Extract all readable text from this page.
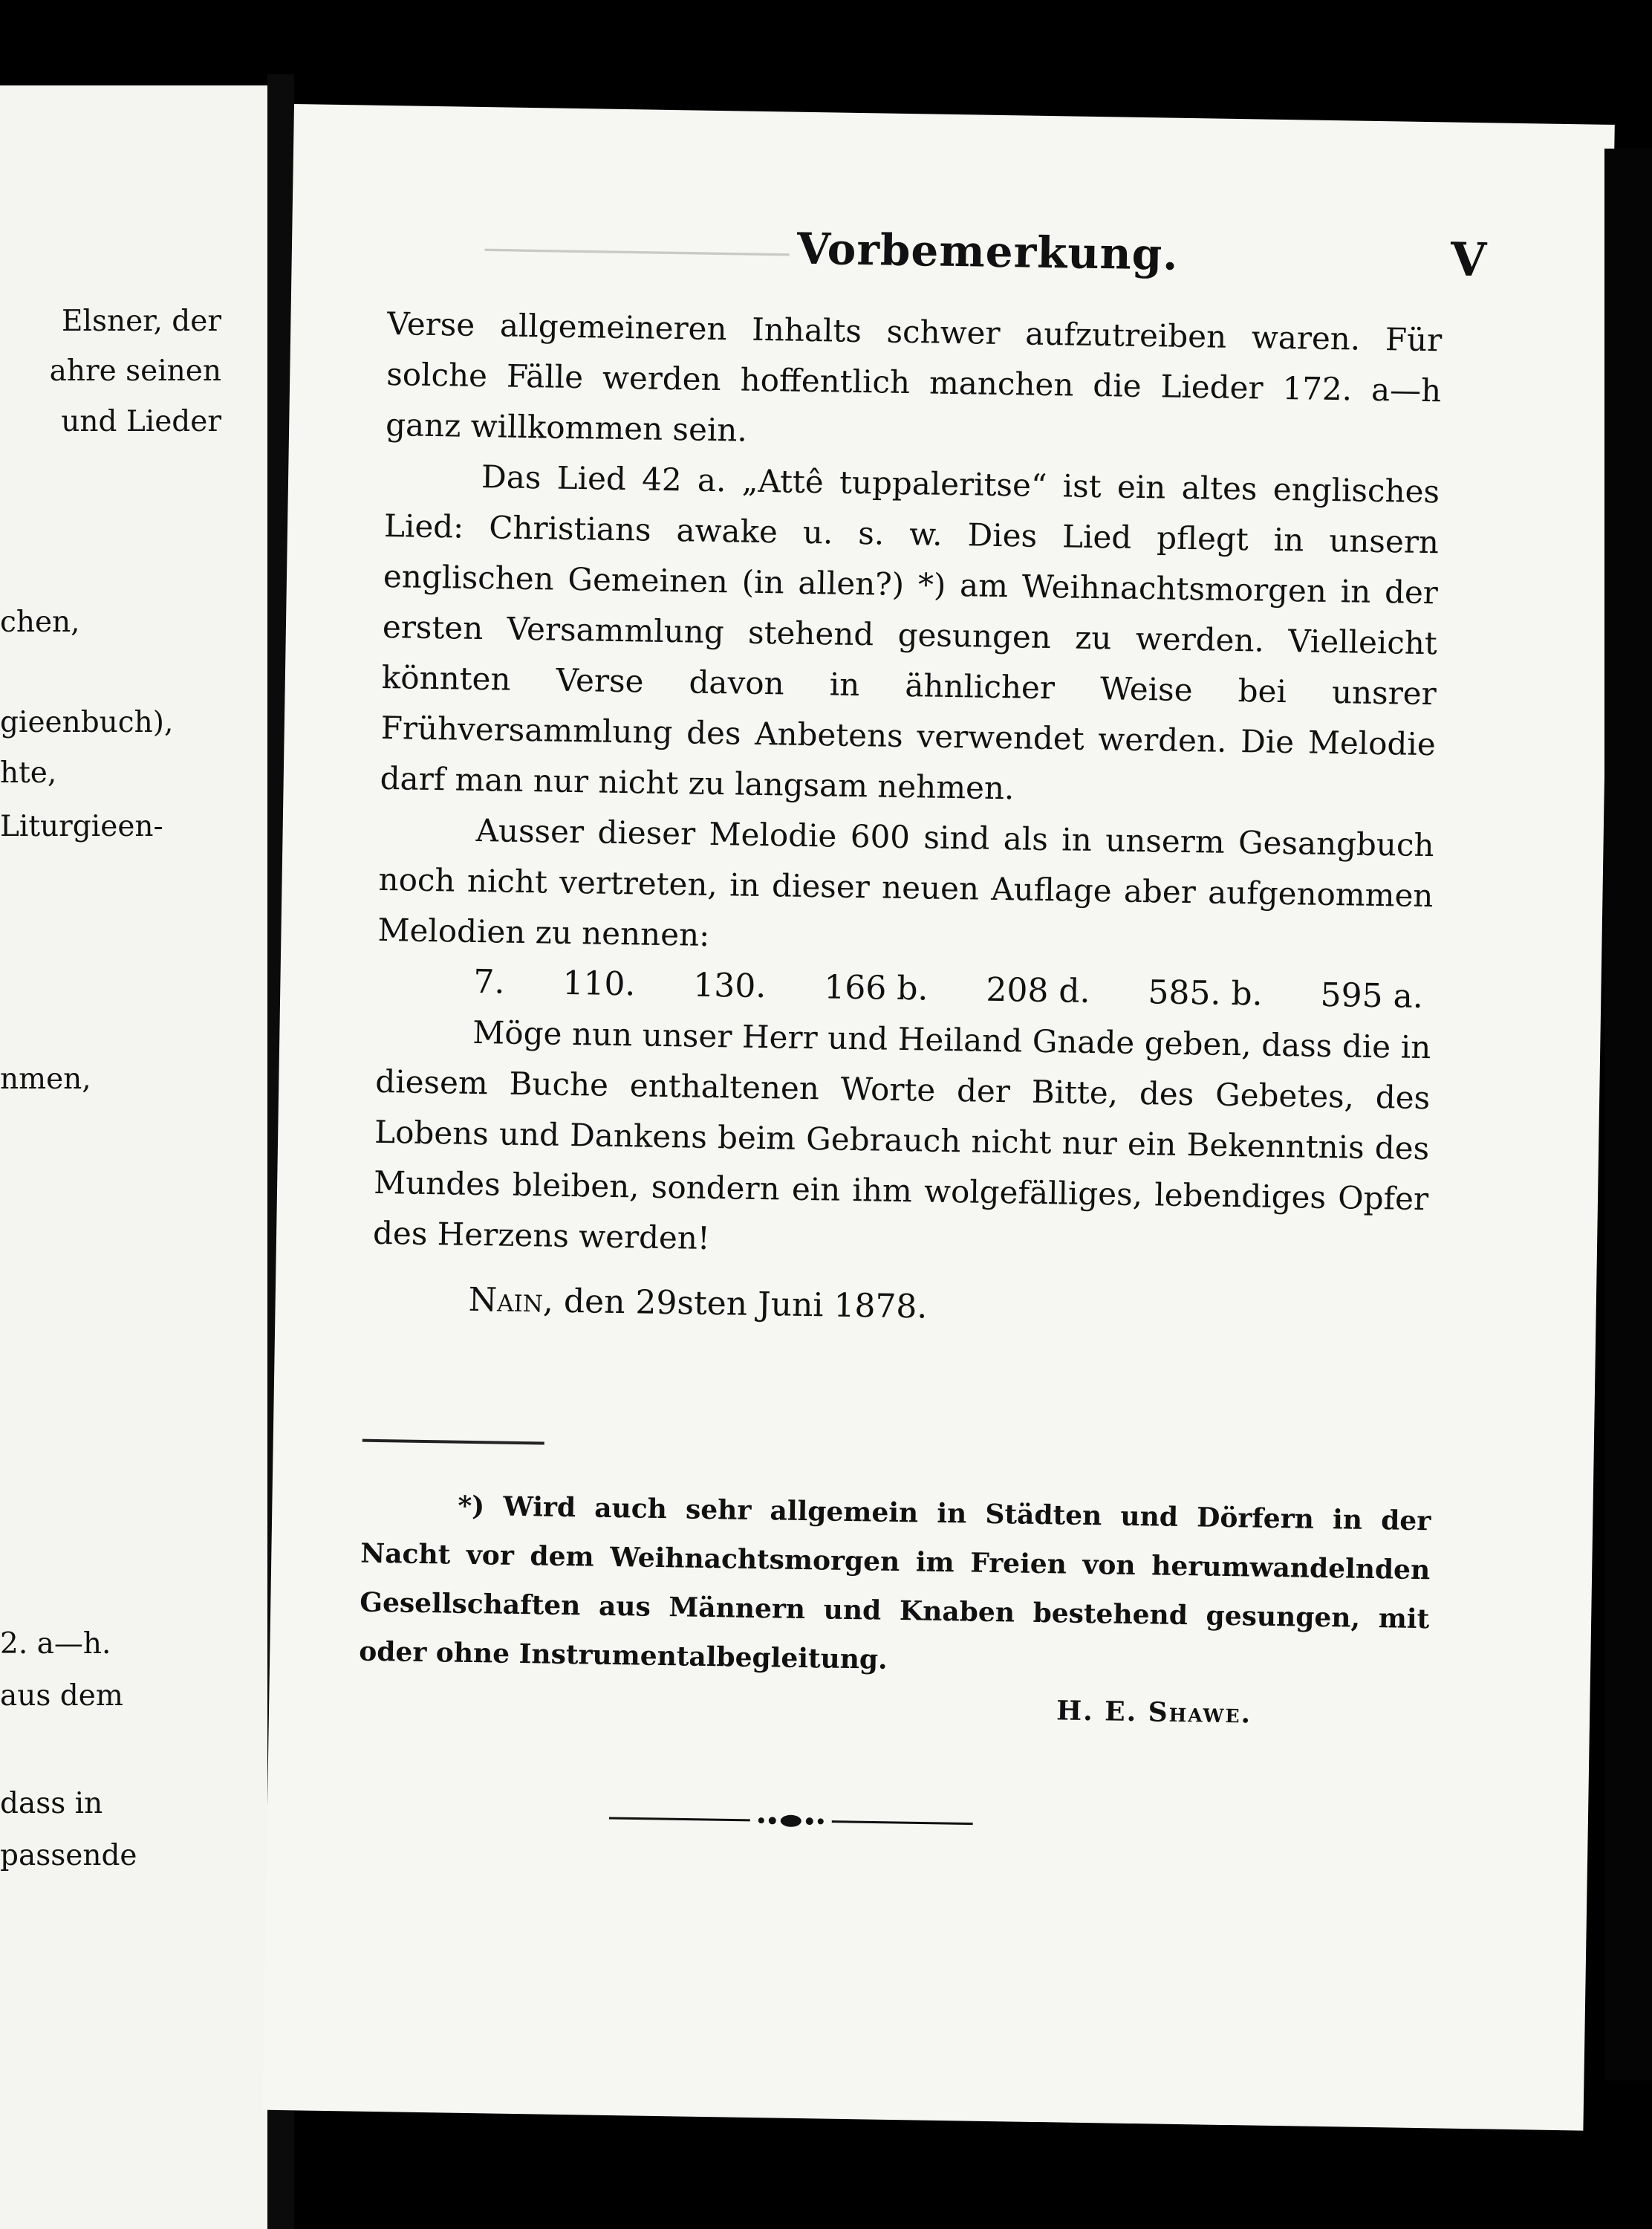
Elsner, der
ahre seinen
und Lieder
chen,
gieenbuch),
hte,
Liturgieen-
nmen,
2. a—h.
aus dem
dass in
passende
───────────────── Vorbemerkung.	V

Verse allgemeineren Inhalts schwer aufzutreiben waren. Für solche Fälle werden hoffentlich manchen die Lieder 172. a—h ganz willkommen sein.

Das Lied 42 a. „Attê tuppaleritse“ ist ein altes englisches Lied: Christians awake u. s. w. Dies Lied pflegt in unsern englischen Gemeinen (in allen?) *) am Weihnachtsmorgen in der ersten Versammlung stehend gesungen zu werden. Vielleicht könnten Verse davon in ähnlicher Weise bei unsrer Frühversammlung des Anbetens verwendet werden. Die Melodie darf man nur nicht zu langsam nehmen.

Ausser dieser Melodie 600 sind als in unserm Gesangbuch noch nicht vertreten, in dieser neuen Auflage aber aufgenommen Melodien zu nennen:

7. 110. 130. 166 b. 208 d. 585. b. 595 a.

Möge nun unser Herr und Heiland Gnade geben, dass die in diesem Buche enthaltenen Worte der Bitte, des Gebetes, des Lobens und Dankens beim Gebrauch nicht nur ein Bekenntnis des Mundes bleiben, sondern ein ihm wolgefälliges, lebendiges Opfer des Herzens werden!

Nain, den 29sten Juni 1878.

*) Wird auch sehr allgemein in Städten und Dörfern in der Nacht vor dem Weihnachtsmorgen im Freien von herumwandelnden Gesellschaften aus Männern und Knaben bestehend gesungen, mit oder ohne Instrumentalbegleitung.

H. E. Shawe.
